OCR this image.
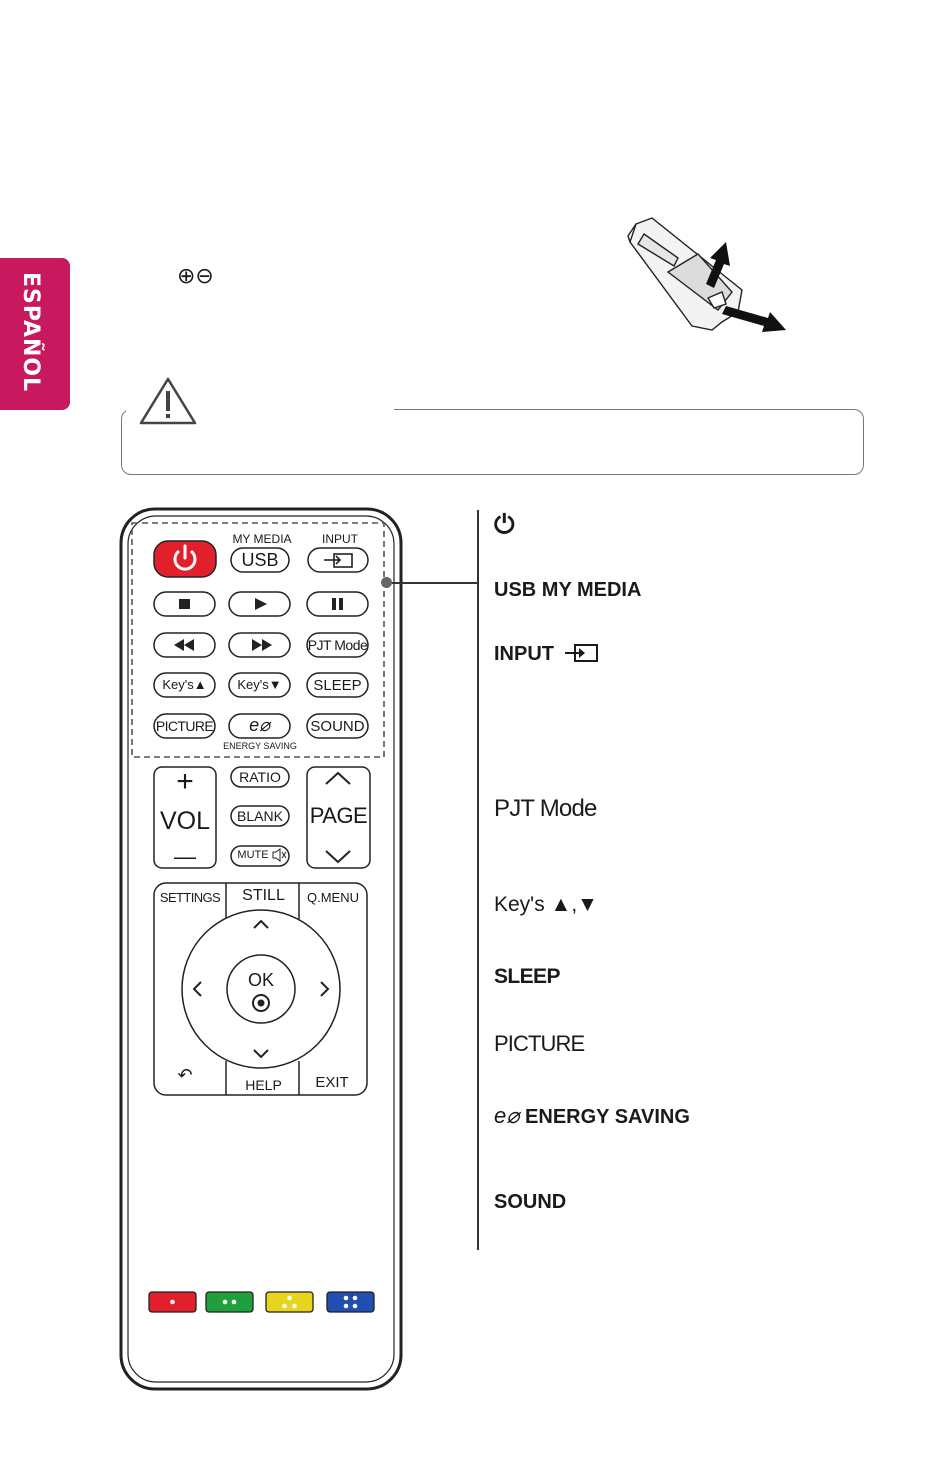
ESPAÑOL	⊕⊖
MY MEDIA	INPUT
USB
PJT Mode
Key's▲	Key's▼	SLEEP
PICTURE	e⌀
ENERGY SAVING
SOUND
+
VOL
—
RATIO
BLANK
MUTE
PAGE
SETTINGS	STILL	Q.MENU
OK
↶	HELP	EXIT
⏻
USB MY MEDIA
INPUT
PJT Mode
Key's ▲,▼
SLEEP
PICTURE
e⌀ ENERGY SAVING
SOUND
